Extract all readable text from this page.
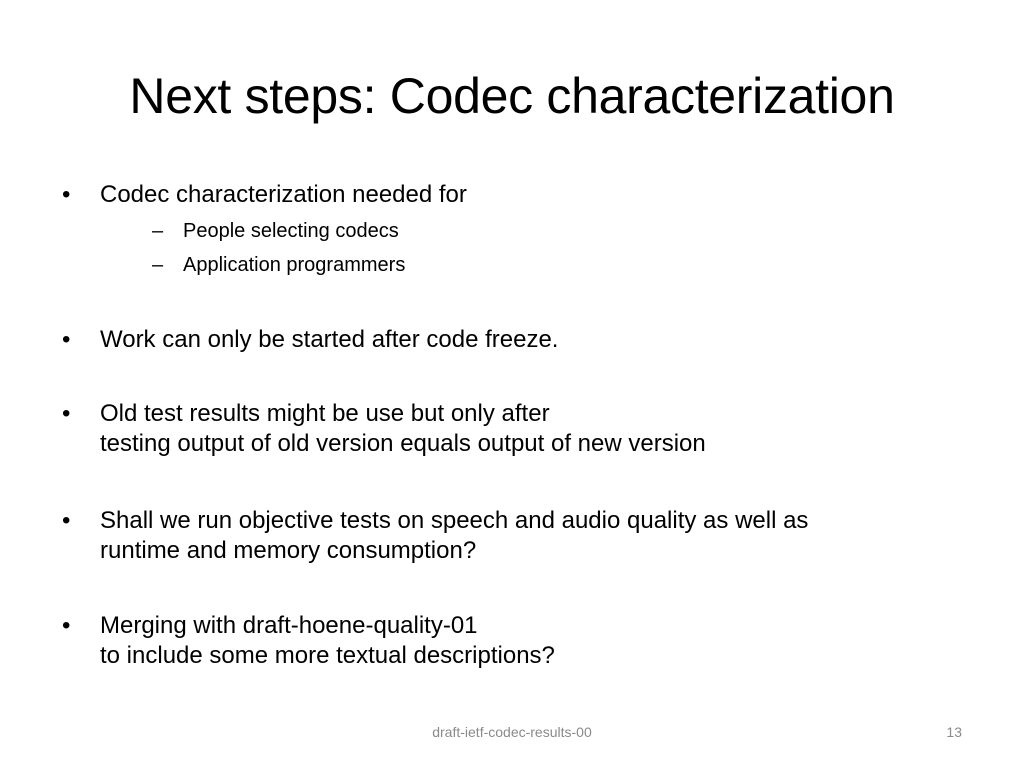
Next steps: Codec characterization
•	Codec characterization needed for
– People selecting codecs
– Application programmers
•	Work can only be started after code freeze.
•	Old test results might be use but only after
testing output of old version equals output of new version
•	Shall we run objective tests on speech and audio quality as well as
runtime and memory consumption?
•	Merging with draft-hoene-quality-01
to include some more textual descriptions?
draft-ietf-codec-results-00	13
